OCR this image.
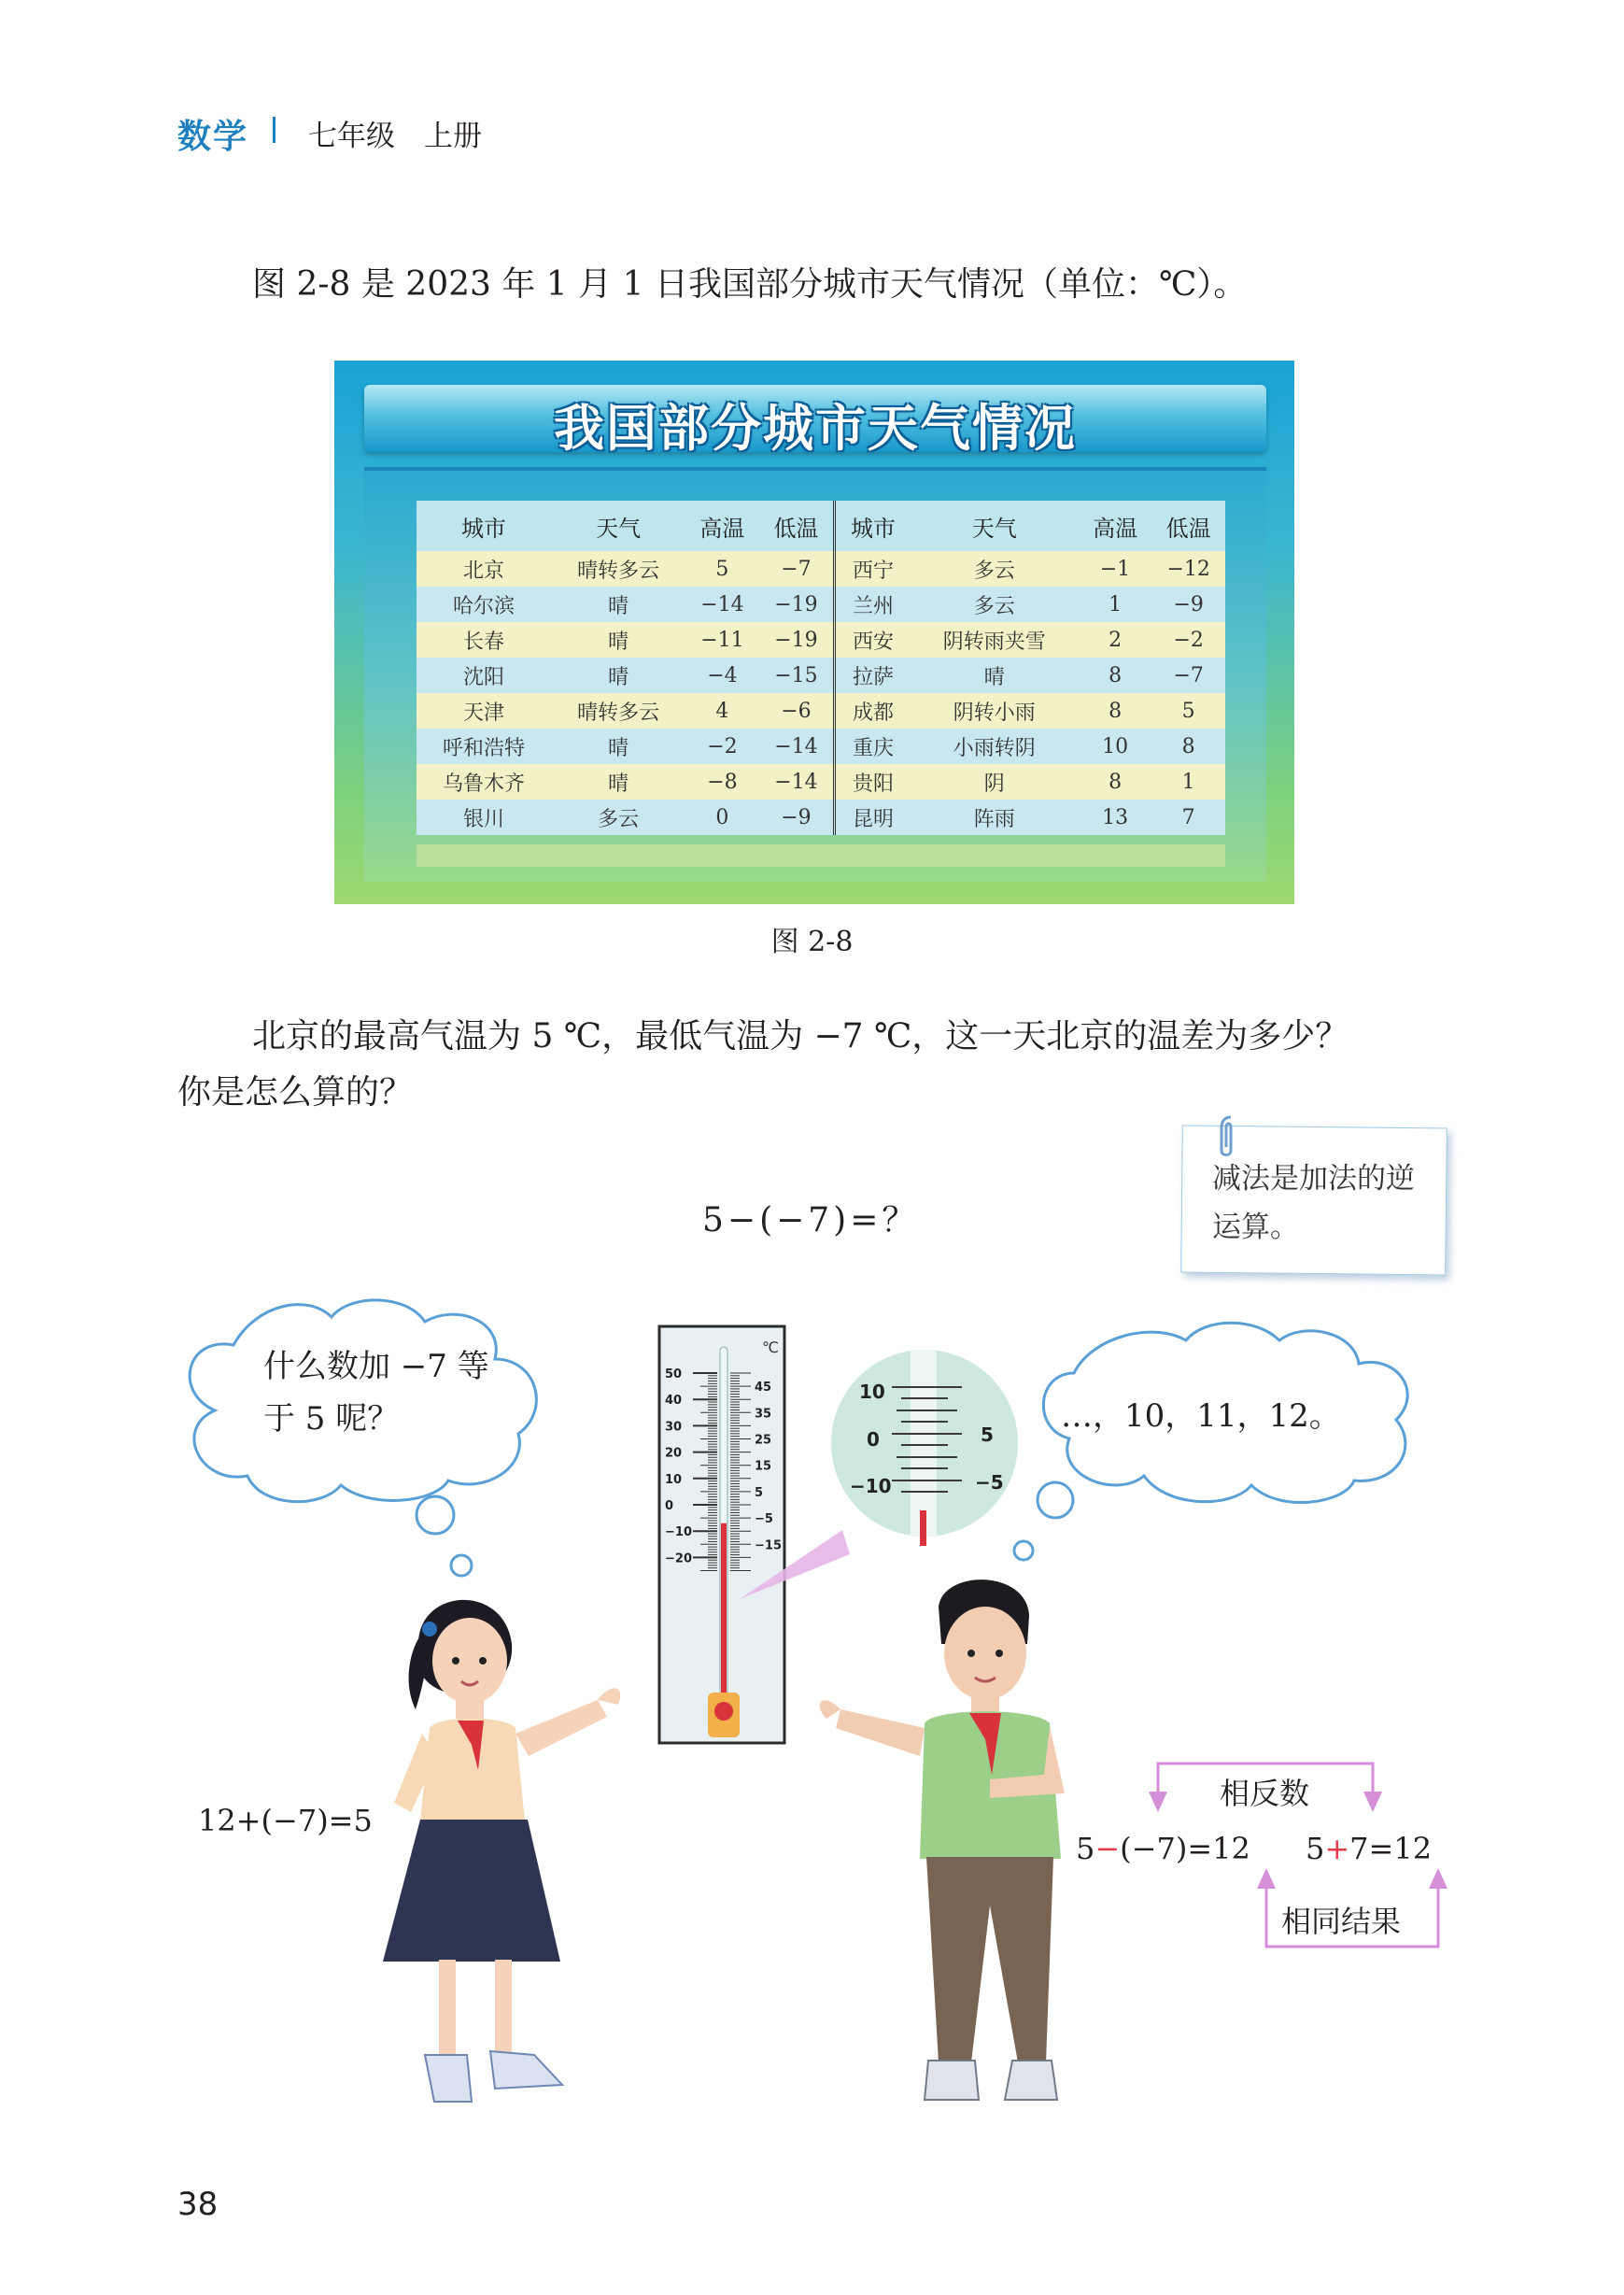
数学 七年级　上册
图 2-8 是 2023 年 1 月 1 日我国部分城市天气情况（单位：℃）。
我国部分城市天气情况
城市	天气	高温	低温	城市	天气	高温	低温
北京	晴转多云	5	−7	西宁	多云	−1	−12
哈尔滨	晴	−14	−19	兰州	多云	1	−9
长春	晴	−11	−19	西安	阴转雨夹雪	2	−2
沈阳	晴	−4	−15	拉萨	晴	8	−7
天津	晴转多云	4	−6	成都	阴转小雨	8	5
呼和浩特	晴	−2	−14	重庆	小雨转阴	10	8
乌鲁木齐	晴	−8	−14	贵阳	阴	8	1
银川	多云	0	−9	昆明	阵雨	13	7
图 2-8
北京的最高气温为 5 ℃，最低气温为 −7 ℃，这一天北京的温差为多少？
你是怎么算的？
5−(−7)=？
减法是加法的逆运算。
50
40
30
20
10
0
−10
−20
45
35
25
15
5
−5
−15
℃
10
0
−10
5
−5
什么数加 −7 等
于 5 呢？	…，10，11，12。
12+(−7)=5
相反数
5−(−7)=12 5+7=12
相同结果
38
